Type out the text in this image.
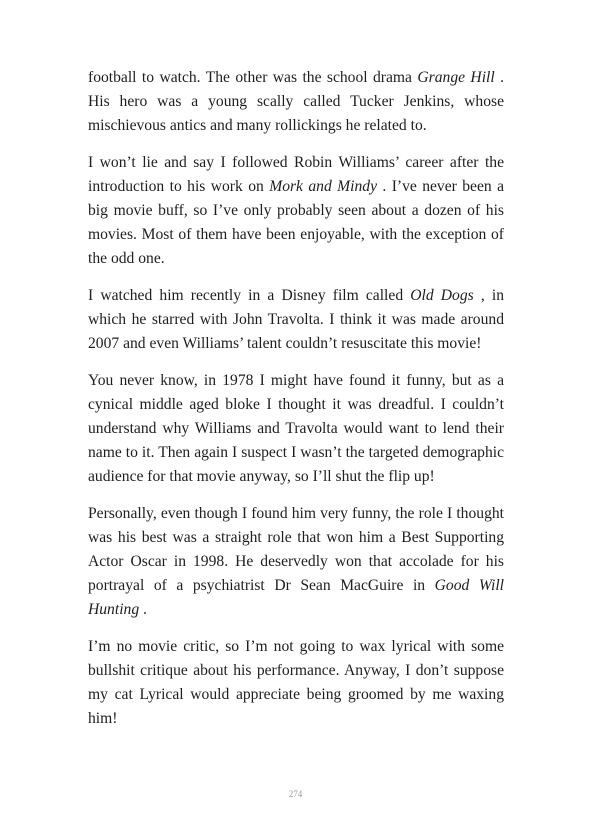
football to watch. The other was the school drama Grange Hill . His hero was a young scally called Tucker Jenkins, whose mischievous antics and many rollickings he related to.

I won’t lie and say I followed Robin Williams’ career after the introduction to his work on Mork and Mindy . I’ve never been a big movie buff, so I’ve only probably seen about a dozen of his movies. Most of them have been enjoyable, with the exception of the odd one.

I watched him recently in a Disney film called Old Dogs , in which he starred with John Travolta. I think it was made around 2007 and even Williams’ talent couldn’t resuscitate this movie!

You never know, in 1978 I might have found it funny, but as a cynical middle aged bloke I thought it was dreadful. I couldn’t understand why Williams and Travolta would want to lend their name to it. Then again I suspect I wasn’t the targeted demographic audience for that movie anyway, so I’ll shut the flip up!

Personally, even though I found him very funny, the role I thought was his best was a straight role that won him a Best Supporting Actor Oscar in 1998. He deservedly won that accolade for his portrayal of a psychiatrist Dr Sean MacGuire in Good Will Hunting .

I’m no movie critic, so I’m not going to wax lyrical with some bullshit critique about his performance. Anyway, I don’t suppose my cat Lyrical would appreciate being groomed by me waxing him!

274
